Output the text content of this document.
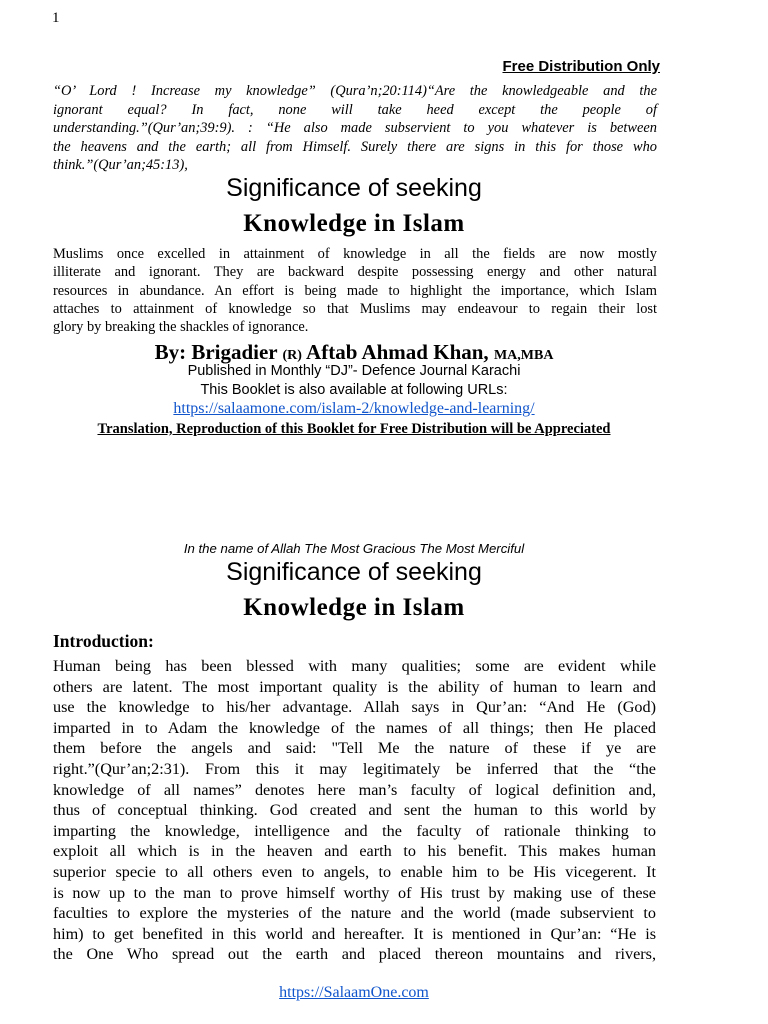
1
Free Distribution Only
“O’ Lord ! Increase my knowledge” (Qura’n;20:114)“Are the knowledgeable and the
ignorant equal? In fact, none will take heed except the people of
understanding.”(Qur’an;39:9). : “He also made subservient to you whatever is between
the heavens and the earth; all from Himself. Surely there are signs in this for those who
think.”(Qur’an;45:13),
Significance of seeking
Knowledge in Islam
Muslims once excelled in attainment of knowledge in all the fields are now mostly
illiterate and ignorant. They are backward despite possessing energy and other natural
resources in abundance. An effort is being made to highlight the importance, which Islam
attaches to attainment of knowledge so that Muslims may endeavour to regain their lost
glory by breaking the shackles of ignorance.
By: Brigadier (R) Aftab Ahmad Khan, MA,MBA
Published in Monthly “DJ”- Defence Journal Karachi
This Booklet is also available at following URLs:
https://salaamone.com/islam-2/knowledge-and-learning/
Translation, Reproduction of this Booklet for Free Distribution will be Appreciated
In the name of Allah The Most Gracious The Most Merciful
Significance of seeking
Knowledge in Islam
Introduction:
Human being has been blessed with many qualities; some are evident while
others are latent. The most important quality is the ability of human to learn and
use the knowledge to his/her advantage. Allah says in Qur’an: “And He (God)
imparted in to Adam the knowledge of the names of all things; then He placed
them before the angels and said: "Tell Me the nature of these if ye are
right.”(Qur’an;2:31). From this it may legitimately be inferred that the “the
knowledge of all names” denotes here man’s faculty of logical definition and,
thus of conceptual thinking. God created and sent the human to this world by
imparting the knowledge, intelligence and the faculty of rationale thinking to
exploit all which is in the heaven and earth to his benefit. This makes human
superior specie to all others even to angels, to enable him to be His vicegerent. It
is now up to the man to prove himself worthy of His trust by making use of these
faculties to explore the mysteries of the nature and the world (made subservient to
him) to get benefited in this world and hereafter. It is mentioned in Qur’an: “He is
the One Who spread out the earth and placed thereon mountains and rivers,
https://SalaamOne.com
